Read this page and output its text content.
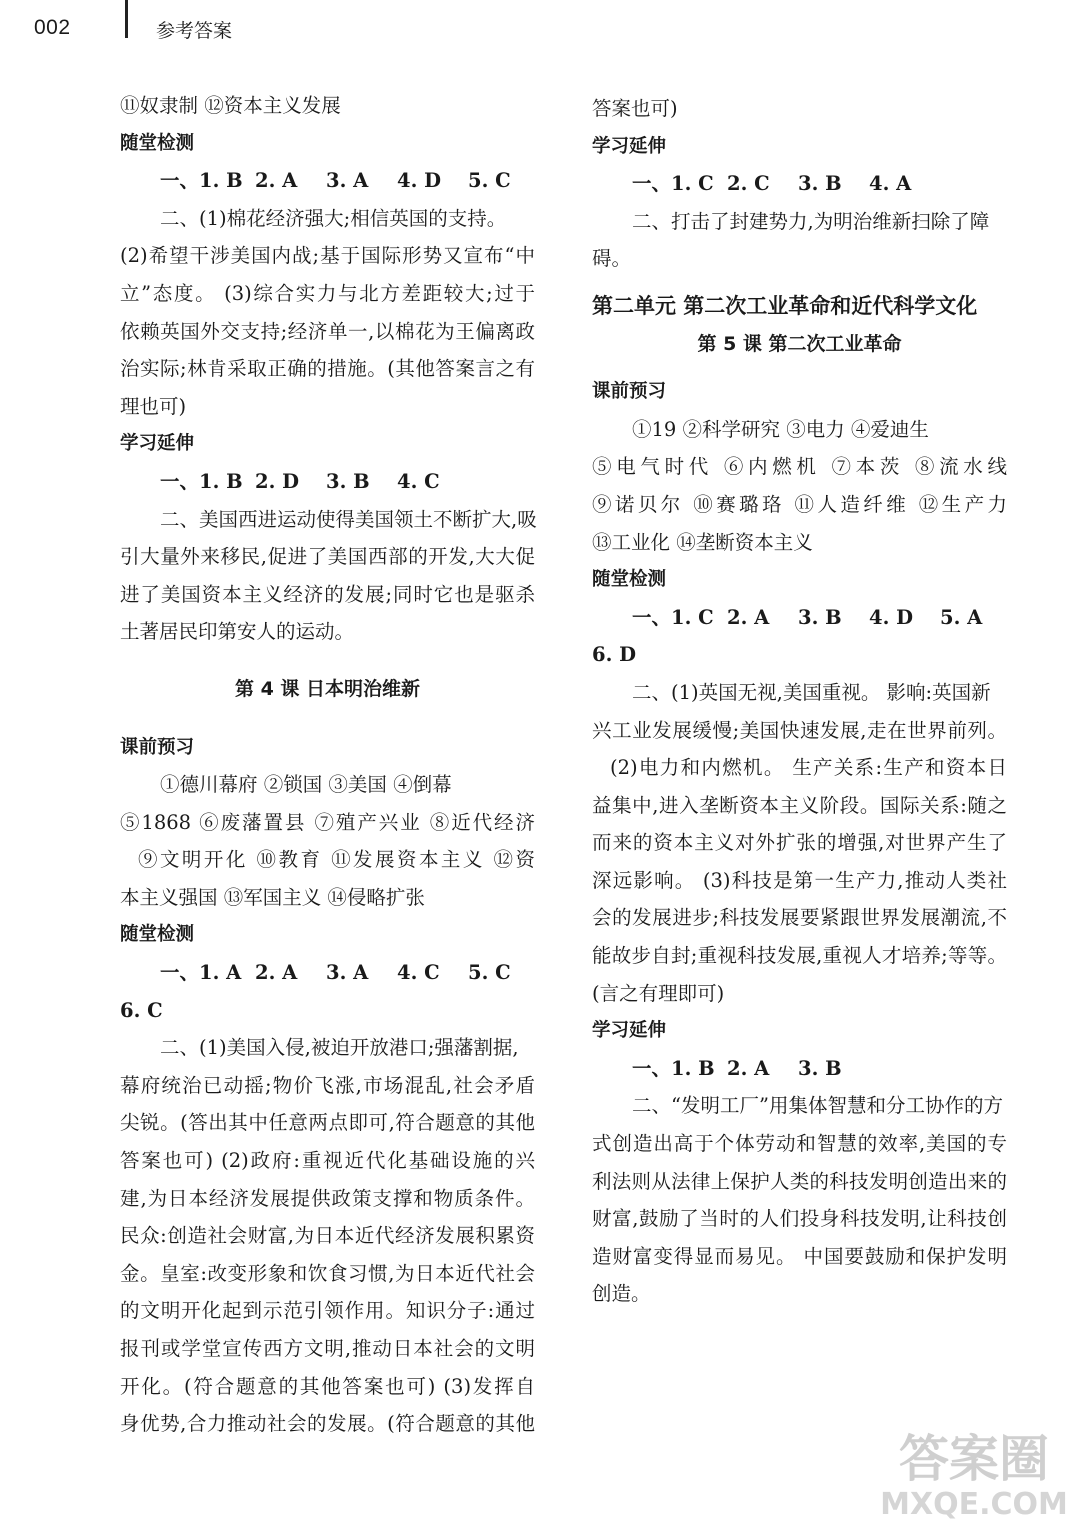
002	参考答案
⑪奴隶制 ⑫资本主义发展
随堂检测
一、1. B 2. A 3. A 4. D 5. C
二、(1)棉花经济强大;相信英国的支持。
(2)希望干涉美国内战;基于国际形势又宣布“中
立”态度。 (3)综合实力与北方差距较大;过于
依赖英国外交支持;经济单一,以棉花为王偏离政
治实际;林肯采取正确的措施。(其他答案言之有
理也可)
学习延伸
一、1. B 2. D 3. B 4. C
二、美国西进运动使得美国领土不断扩大,吸
引大量外来移民,促进了美国西部的开发,大大促
进了美国资本主义经济的发展;同时它也是驱杀
土著居民印第安人的运动。
第 4 课 日本明治维新
课前预习
①德川幕府 ②锁国 ③美国 ④倒幕
⑤1868 ⑥废藩置县 ⑦殖产兴业 ⑧近代经济
⑨文明开化 ⑩教育 ⑪发展资本主义 ⑫资
本主义强国 ⑬军国主义 ⑭侵略扩张
随堂检测
一、1. A 2. A 3. A 4. C 5. C
6. C
二、(1)美国入侵,被迫开放港口;强藩割据,
幕府统治已动摇;物价飞涨,市场混乱,社会矛盾
尖锐。(答出其中任意两点即可,符合题意的其他
答案也可) (2)政府:重视近代化基础设施的兴
建,为日本经济发展提供政策支撑和物质条件。
民众:创造社会财富,为日本近代经济发展积累资
金。皇室:改变形象和饮食习惯,为日本近代社会
的文明开化起到示范引领作用。知识分子:通过
报刊或学堂宣传西方文明,推动日本社会的文明
开化。(符合题意的其他答案也可) (3)发挥自
身优势,合力推动社会的发展。(符合题意的其他
答案也可)
学习延伸
一、1. C 2. C 3. B 4. A
二、打击了封建势力,为明治维新扫除了障
碍。
第二单元 第二次工业革命和近代科学文化
第 5 课 第二次工业革命
课前预习
①19 ②科学研究 ③电力 ④爱迪生
⑤电气时代 ⑥内燃机 ⑦本茨 ⑧流水线
⑨诺贝尔 ⑩赛璐珞 ⑪人造纤维 ⑫生产力
⑬工业化 ⑭垄断资本主义
随堂检测
一、1. C 2. A 3. B 4. D 5. A
6. D
二、(1)英国无视,美国重视。 影响:英国新
兴工业发展缓慢;美国快速发展,走在世界前列。
(2)电力和内燃机。 生产关系:生产和资本日
益集中,进入垄断资本主义阶段。国际关系:随之
而来的资本主义对外扩张的增强,对世界产生了
深远影响。 (3)科技是第一生产力,推动人类社
会的发展进步;科技发展要紧跟世界发展潮流,不
能故步自封;重视科技发展,重视人才培养;等等。
(言之有理即可)
学习延伸
一、1. B 2. A 3. B
二、“发明工厂”用集体智慧和分工协作的方
式创造出高于个体劳动和智慧的效率,美国的专
利法则从法律上保护人类的科技发明创造出来的
财富,鼓励了当时的人们投身科技发明,让科技创
造财富变得显而易见。 中国要鼓励和保护发明
创造。
答案圈
MXQE.COM
